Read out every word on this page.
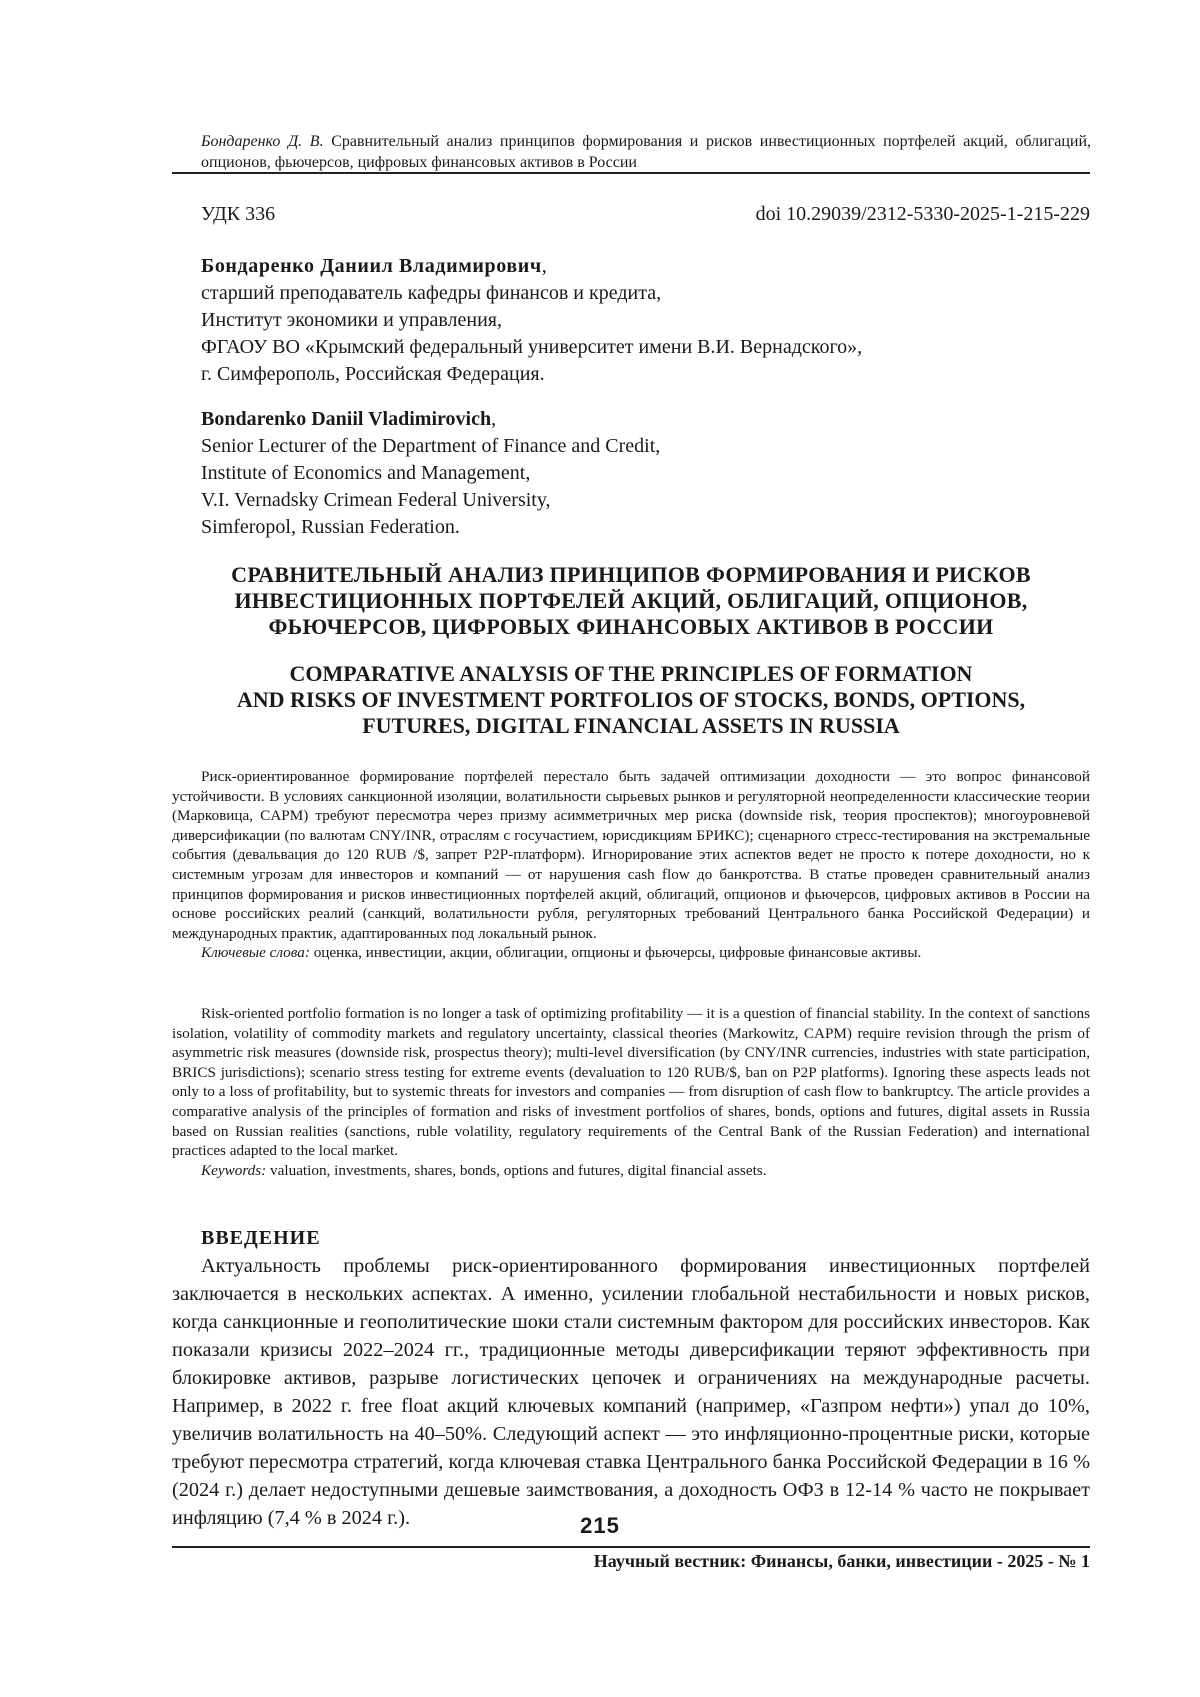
Бондаренко Д. В. Сравнительный анализ принципов формирования и рисков инвестиционных портфелей акций, облигаций, опционов, фьючерсов, цифровых финансовых активов в России
УДК 336	doi 10.29039/2312-5330-2025-1-215-229
Бондаренко Даниил Владимирович,
старший преподаватель кафедры финансов и кредита,
Институт экономики и управления,
ФГАОУ ВО «Крымский федеральный университет имени В.И. Вернадского»,
г. Симферополь, Российская Федерация.
Bondarenko Daniil Vladimirovich,
Senior Lecturer of the Department of Finance and Credit,
Institute of Economics and Management,
V.I. Vernadsky Crimean Federal University,
Simferopol, Russian Federation.
СРАВНИТЕЛЬНЫЙ АНАЛИЗ ПРИНЦИПОВ ФОРМИРОВАНИЯ И РИСКОВ
ИНВЕСТИЦИОННЫХ ПОРТФЕЛЕЙ АКЦИЙ, ОБЛИГАЦИЙ, ОПЦИОНОВ,
ФЬЮЧЕРСОВ, ЦИФРОВЫХ ФИНАНСОВЫХ АКТИВОВ В РОССИИ
COMPARATIVE ANALYSIS OF THE PRINCIPLES OF FORMATION
AND RISKS OF INVESTMENT PORTFOLIOS OF STOCKS, BONDS, OPTIONS,
FUTURES, DIGITAL FINANCIAL ASSETS IN RUSSIA

Риск-ориентированное формирование портфелей перестало быть задачей оптимизации доходности — это вопрос финансовой устойчивости. В условиях санкционной изоляции, волатильности сырьевых рынков и регуляторной неопределенности классические теории (Марковица, CAPM) требуют пересмотра через призму асимметричных мер риска (downside risk, теория проспектов); многоуровневой диверсификации (по валютам CNY/INR, отраслям с госучастием, юрисдикциям БРИКС); сценарного стресс-тестирования на экстремальные события (девальвация до 120 RUB /$, запрет P2P-платформ). Игнорирование этих аспектов ведет не просто к потере доходности, но к системным угрозам для инвесторов и компаний — от нарушения cash flow до банкротства. В статье проведен сравнительный анализ принципов формирования и рисков инвестиционных портфелей акций, облигаций, опционов и фьючерсов, цифровых активов в России на основе российских реалий (санкций, волатильности рубля, регуляторных требований Центрального банка Российской Федерации) и международных практик, адаптированных под локальный рынок.

Ключевые слова: оценка, инвестиции, акции, облигации, опционы и фьючерсы, цифровые финансовые активы.

Risk-oriented portfolio formation is no longer a task of optimizing profitability — it is a question of financial stability. In the context of sanctions isolation, volatility of commodity markets and regulatory uncertainty, classical theories (Markowitz, CAPM) require revision through the prism of asymmetric risk measures (downside risk, prospectus theory); multi-level diversification (by CNY/INR currencies, industries with state participation, BRICS jurisdictions); scenario stress testing for extreme events (devaluation to 120 RUB/$, ban on P2P platforms). Ignoring these aspects leads not only to a loss of profitability, but to systemic threats for investors and companies — from disruption of cash flow to bankruptcy. The article provides a comparative analysis of the principles of formation and risks of investment portfolios of shares, bonds, options and futures, digital assets in Russia based on Russian realities (sanctions, ruble volatility, regulatory requirements of the Central Bank of the Russian Federation) and international practices adapted to the local market.

Keywords: valuation, investments, shares, bonds, options and futures, digital financial assets.

ВВЕДЕНИЕ

Актуальность проблемы риск-ориентированного формирования инвестиционных портфелей заключается в нескольких аспектах. А именно, усилении глобальной нестабильности и новых рисков, когда санкционные и геополитические шоки стали системным фактором для российских инвесторов. Как показали кризисы 2022–2024 гг., традиционные методы диверсификации теряют эффективность при блокировке активов, разрыве логистических цепочек и ограничениях на международные расчеты. Например, в 2022 г. free float акций ключевых компаний (например, «Газпром нефти») упал до 10%, увеличив волатильность на 40–50%. Следующий аспект — это инфляционно-процентные риски, которые требуют пересмотра стратегий, когда ключевая ставка Центрального банка Российской Федерации в 16 % (2024 г.) делает недоступными дешевые заимствования, а доходность ОФЗ в 12-14 % часто не покрывает инфляцию (7,4 % в 2024 г.).	215
Научный вестник: Финансы, банки, инвестиции - 2025 - № 1
